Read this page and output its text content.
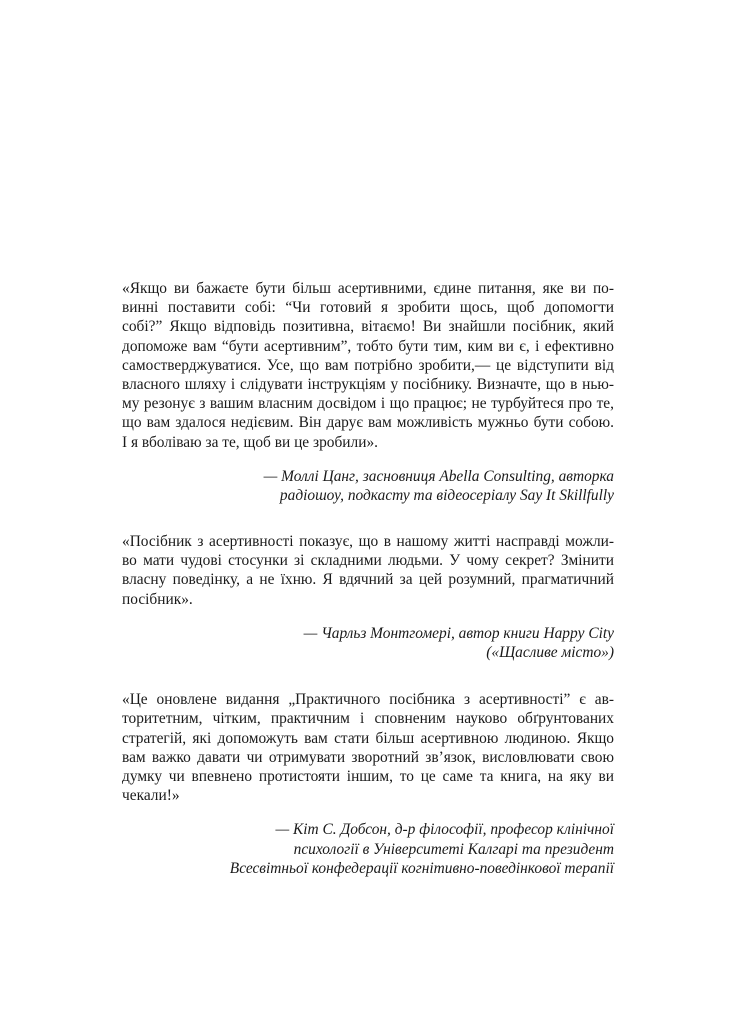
«Якщо ви бажаєте бути більш асертивними, єдине питання, яке ви по-
винні поставити собі: “Чи готовий я зробити щось, щоб допомогти
собі?” Якщо відповідь позитивна, вітаємо! Ви знайшли посібник, який
допоможе вам “бути асертивним”, тобто бути тим, ким ви є, і ефективно
самостверджуватися. Усе, що вам потрібно зробити,— це відступити від
власного шляху і слідувати інструкціям у посібнику. Визначте, що в нью-
му резонує з вашим власним досвідом і що працює; не турбуйтеся про те,
що вам здалося недієвим. Він дарує вам можливість мужньо бути собою.
І я вболіваю за те, щоб ви це зробили».
— Моллі Цанг, засновниця Abella Consulting, авторка
радіошоу, подкасту та відеосеріалу Say It Skillfully
«Посібник з асертивності показує, що в нашому житті насправді можли-
во мати чудові стосунки зі складними людьми. У чому секрет? Змінити
власну поведінку, а не їхню. Я вдячний за цей розумний, прагматичний
посібник».
— Чарльз Монтгомері, автор книги Happy City
(«Щасливе місто»)
«Це оновлене видання „Практичного посібника з асертивності” є ав-
торитетним, чітким, практичним і сповненим науково обґрунтованих
стратегій, які допоможуть вам стати більш асертивною людиною. Якщо
вам важко давати чи отримувати зворотний зв’язок, висловлювати свою
думку чи впевнено протистояти іншим, то це саме та книга, на яку ви
чекали!»
— Кіт С. Добсон, д-р філософії, професор клінічної
психології в Університеті Калгарі та президент
Всесвітньої конфедерації когнітивно-поведінкової терапії
